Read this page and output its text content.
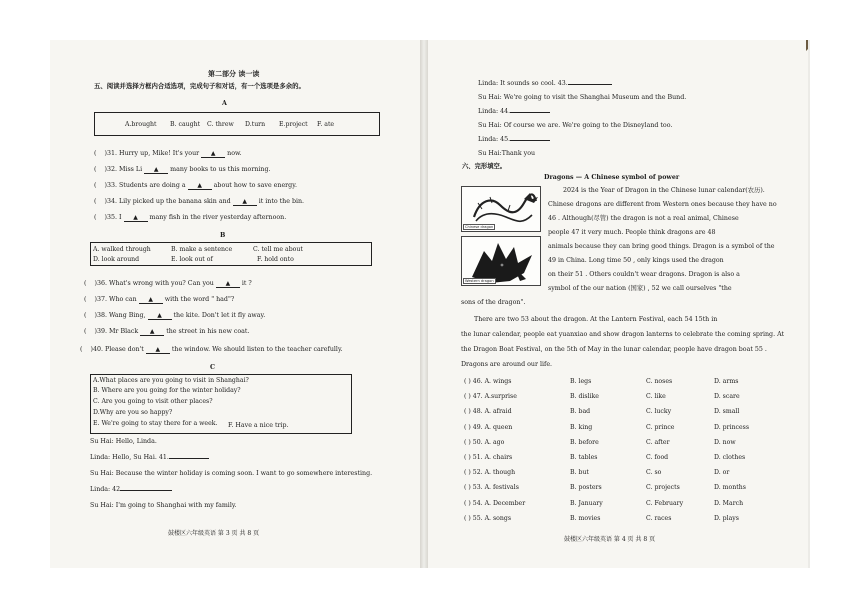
第二部分 读一读
五、阅读并选择方框内合适选项，完成句子和对话，有一个选项是多余的。
A
A.brought B. caught C. threw D.turn E.project F. ate
( )31. Hurry up, Mike! It's your ▲ now.
( )32. Miss Li ▲ many books to us this morning.
( )33. Students are doing a ▲ about how to save energy.
( )34. Lily picked up the banana skin and ▲ it into the bin.
( )35. I ▲ many fish in the river yesterday afternoon.
B
A. walked through	B. make a sentence	C. tell me about
D. look around	E. look out of	F. hold onto
( )36. What's wrong with you? Can you ▲ it ?
( )37. Who can ▲ with the word " had"?
( )38. Wang Bing, ▲ the kite. Don't let it fly away.
( )39. Mr Black ▲ the street in his new coat.
( )40. Please don't ▲ the window. We should listen to the teacher carefully.
C
A.What places are you going to visit in Shanghai?
B. Where are you going for the winter holiday?
C. Are you going to visit other places?
D.Why are you so happy?
E. We're going to stay there for a week. F. Have a nice trip.
Su Hai: Hello, Linda.
Linda: Hello, Su Hai. 41.
Su Hai: Because the winter holiday is coming soon. I want to go somewhere interesting.
Linda: 42
Su Hai: I'm going to Shanghai with my family.
鼓楼区六年级英语 第 3 页 共 8 页
Linda: It sounds so cool. 43.
Su Hai: We're going to visit the Shanghai Museum and the Bund.
Linda: 44.
Su Hai: Of course we are. We're going to the Disneyland too.
Linda: 45.
Su Hai:Thank you
六、完形填空。
Dragons — A Chinese symbol of power
Chinese dragon
Western dragon
2024 is the Year of Dragon in the Chinese lunar calendar(农历).
Chinese dragons are different from Western ones because they have no
46 . Although(尽管) the dragon is not a real animal, Chinese
people 47 it very much. People think dragons are 48
animals because they can bring good things. Dragon is a symbol of the
49 in China. Long time 50 , only kings used the dragon
on their 51 . Others couldn't wear dragons. Dragon is also a
symbol of the our nation (国家) , 52 we call ourselves "the
sons of the dragon".
There are two 53 about the dragon. At the Lantern Festival, each 54 15th in
the lunar calendar, people eat yuanxiao and show dragon lanterns to celebrate the coming spring. At
the Dragon Boat Festival, on the 5th of May in the lunar calendar, people have dragon boat 55 .
Dragons are around our life.
( ) 46. A. wings	B. legs	C. noses	D. arms
( ) 47. A.surprise	B. dislike	C. like	D. scare
( ) 48. A. afraid	B. bad	C. lucky	D. small
( ) 49. A. queen	B. king	C. prince	D. princess
( ) 50. A. ago	B. before	C. after	D. now
( ) 51. A. chairs	B. tables	C. food	D. clothes
( ) 52. A. though	B. but	C. so	D. or
( ) 53. A. festivals	B. posters	C. projects	D. months
( ) 54. A. December	B. January	C. February	D. March
( ) 55. A. songs	B. movies	C. races	D. plays
鼓楼区六年级英语 第 4 页 共 8 页
